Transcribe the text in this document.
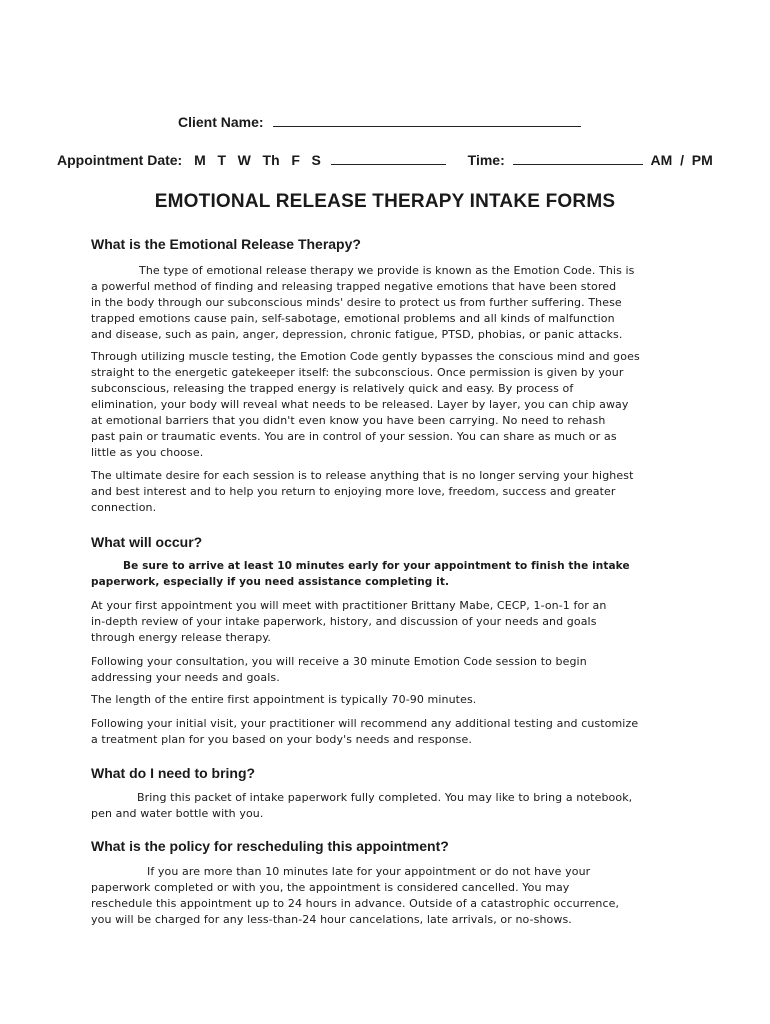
Client Name:
Appointment Date: M   T   W   Th   F   S	Time:	AM  /  PM
EMOTIONAL RELEASE THERAPY INTAKE FORMS
What is the Emotional Release Therapy?
The type of emotional release therapy we provide is known as the Emotion Code. This is
a powerful method of finding and releasing trapped negative emotions that have been stored
in the body through our subconscious minds' desire to protect us from further suffering. These
trapped emotions cause pain, self-sabotage, emotional problems and all kinds of malfunction
and disease, such as pain, anger, depression, chronic fatigue, PTSD, phobias, or panic attacks.
Through utilizing muscle testing, the Emotion Code gently bypasses the conscious mind and goes
straight to the energetic gatekeeper itself: the subconscious. Once permission is given by your
subconscious, releasing the trapped energy is relatively quick and easy. By process of
elimination, your body will reveal what needs to be released. Layer by layer, you can chip away
at emotional barriers that you didn't even know you have been carrying. No need to rehash
past pain or traumatic events. You are in control of your session. You can share as much or as
little as you choose.
The ultimate desire for each session is to release anything that is no longer serving your highest
and best interest and to help you return to enjoying more love, freedom, success and greater
connection.
What will occur?
Be sure to arrive at least 10 minutes early for your appointment to finish the intake
paperwork, especially if you need assistance completing it.
At your first appointment you will meet with practitioner Brittany Mabe, CECP, 1-on-1 for an
in-depth review of your intake paperwork, history, and discussion of your needs and goals
through energy release therapy.
Following your consultation, you will receive a 30 minute Emotion Code session to begin
addressing your needs and goals.
The length of the entire first appointment is typically 70-90 minutes.
Following your initial visit, your practitioner will recommend any additional testing and customize
a treatment plan for you based on your body's needs and response.
What do I need to bring?
Bring this packet of intake paperwork fully completed. You may like to bring a notebook,
pen and water bottle with you.
What is the policy for rescheduling this appointment?
If you are more than 10 minutes late for your appointment or do not have your
paperwork completed or with you, the appointment is considered cancelled. You may
reschedule this appointment up to 24 hours in advance. Outside of a catastrophic occurrence,
you will be charged for any less-than-24 hour cancelations, late arrivals, or no-shows.
